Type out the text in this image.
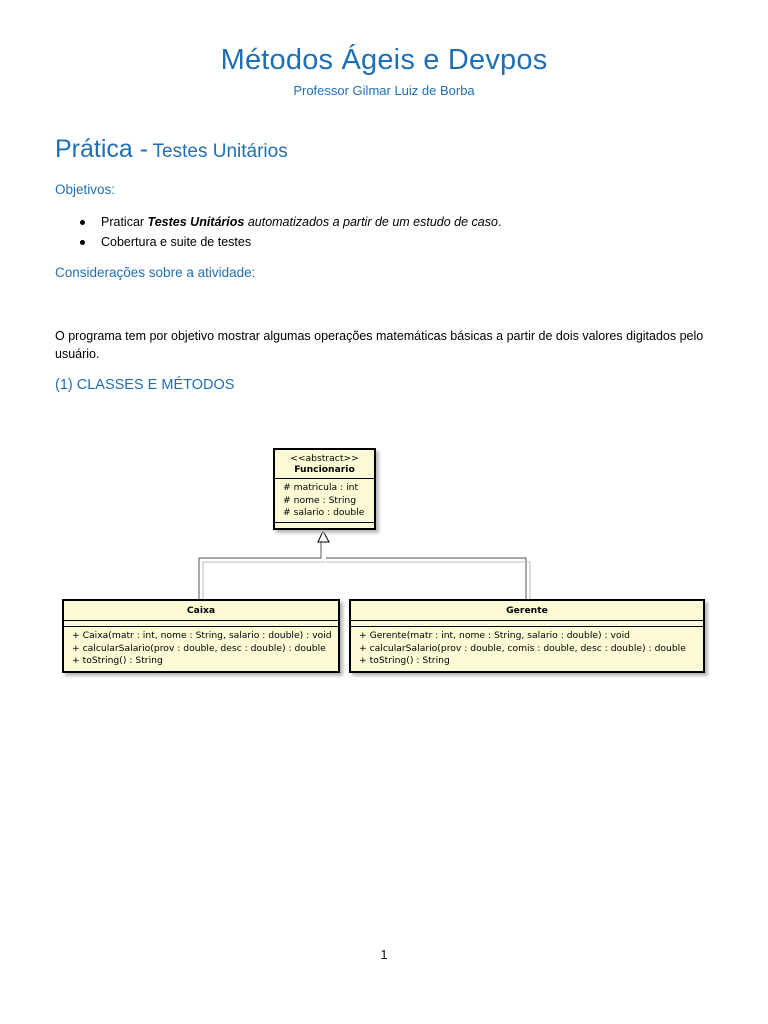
Métodos Ágeis e Devpos
Professor Gilmar Luiz de Borba
Prática - Testes Unitários
Objetivos:
Praticar Testes Unitários automatizados a partir de um estudo de caso.
Cobertura e suite de testes
Considerações sobre a atividade:
O programa tem por objetivo mostrar algumas operações matemáticas básicas a partir de dois valores digitados pelo usuário.
(1) CLASSES E MÉTODOS
<<abstract>>
Funcionario
# matricula : int
# nome : String
# salario : double
Caixa
+ Caixa(matr : int, nome : String, salario : double) : void
+ calcularSalario(prov : double, desc : double) : double
+ toString() : String
Gerente
+ Gerente(matr : int, nome : String, salario : double) : void
+ calcularSalario(prov : double, comis : double, desc : double) : double
+ toString() : String
1
